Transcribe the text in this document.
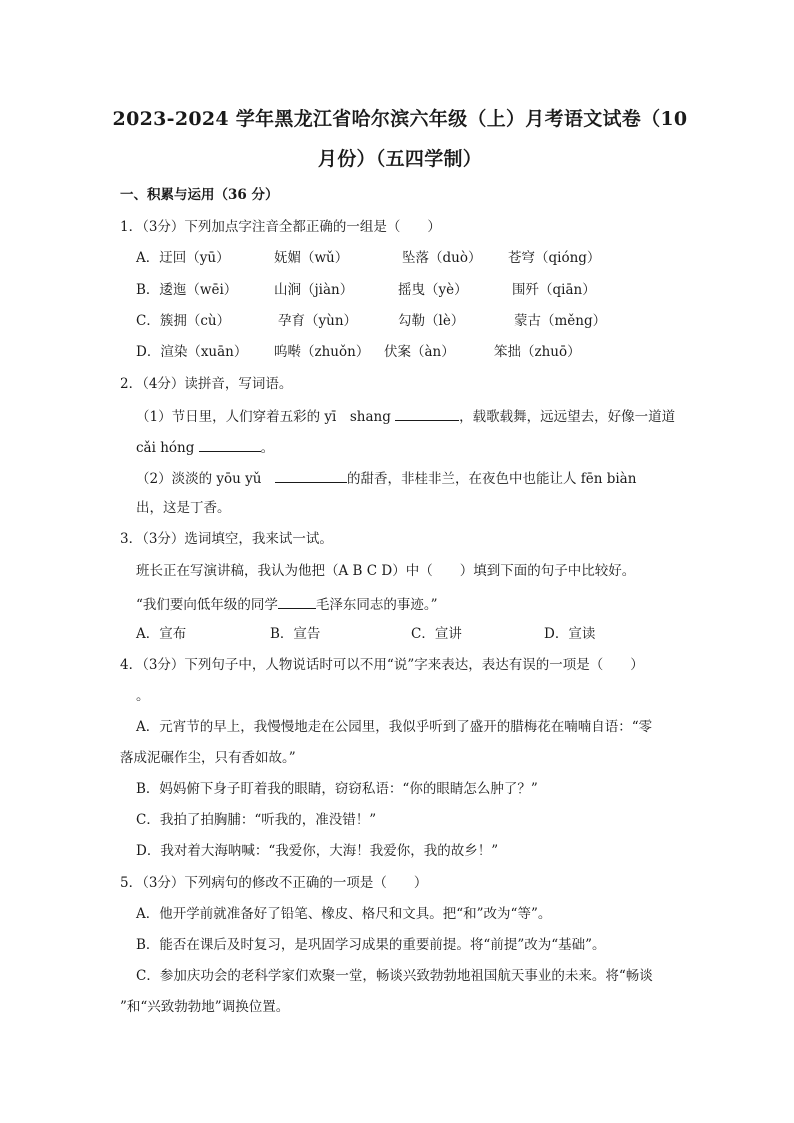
2023-2024 学年黑龙江省哈尔滨六年级（上）月考语文试卷（10
月份）（五四学制）
一、积累与运用（36 分）
1．（3分）下列加点字注音全都正确的一组是（　　）
A．迂回（yū）	妩媚（wǔ）	坠落（duò） 苍穹（qióng）
B．逶迤（wēi）	山涧（jiàn）	摇曳（yè）	围歼（qiān）
C．簇拥（cù）	孕育（yùn）	勾勒（lè）	蒙古（měng）
D．渲染（xuān） 呜啭（zhuǒn） 伏案（àn）	笨拙（zhuō）
2．（4分）读拼音，写词语。
（1）节日里，人们穿着五彩的 yī　shang	，载歌载舞，远远望去，好像一道道
cǎi hóng	。
（2）淡淡的 yōu yǔ　	的甜香，非桂非兰，在夜色中也能让人 fēn biàn
出，这是丁香。
3．（3分）选词填空，我来试一试。
班长正在写演讲稿，我认为他把（A B C D）中（　　）填到下面的句子中比较好。
“我们要向低年级的同学	毛泽东同志的事迹。”
A．宣布	B．宣告	C．宣讲	D．宣读
4．（3分）下列句子中，人物说话时可以不用“说”字来表达，表达有误的一项是（　　）
。
A．元宵节的早上，我慢慢地走在公园里，我似乎听到了盛开的腊梅花在喃喃自语：“零
落成泥碾作尘，只有香如故。”
B．妈妈俯下身子盯着我的眼睛，窃窃私语：“你的眼睛怎么肿了？”
C．我拍了拍胸脯：“听我的，准没错！”
D．我对着大海呐喊：“我爱你，大海！我爱你，我的故乡！”
5．（3分）下列病句的修改不正确的一项是（　　）
A．他开学前就准备好了铅笔、橡皮、格尺和文具。把“和”改为“等”。
B．能否在课后及时复习，是巩固学习成果的重要前提。将“前提”改为“基础”。
C．参加庆功会的老科学家们欢聚一堂，畅谈兴致勃勃地祖国航天事业的未来。将“畅谈
”和“兴致勃勃地”调换位置。
